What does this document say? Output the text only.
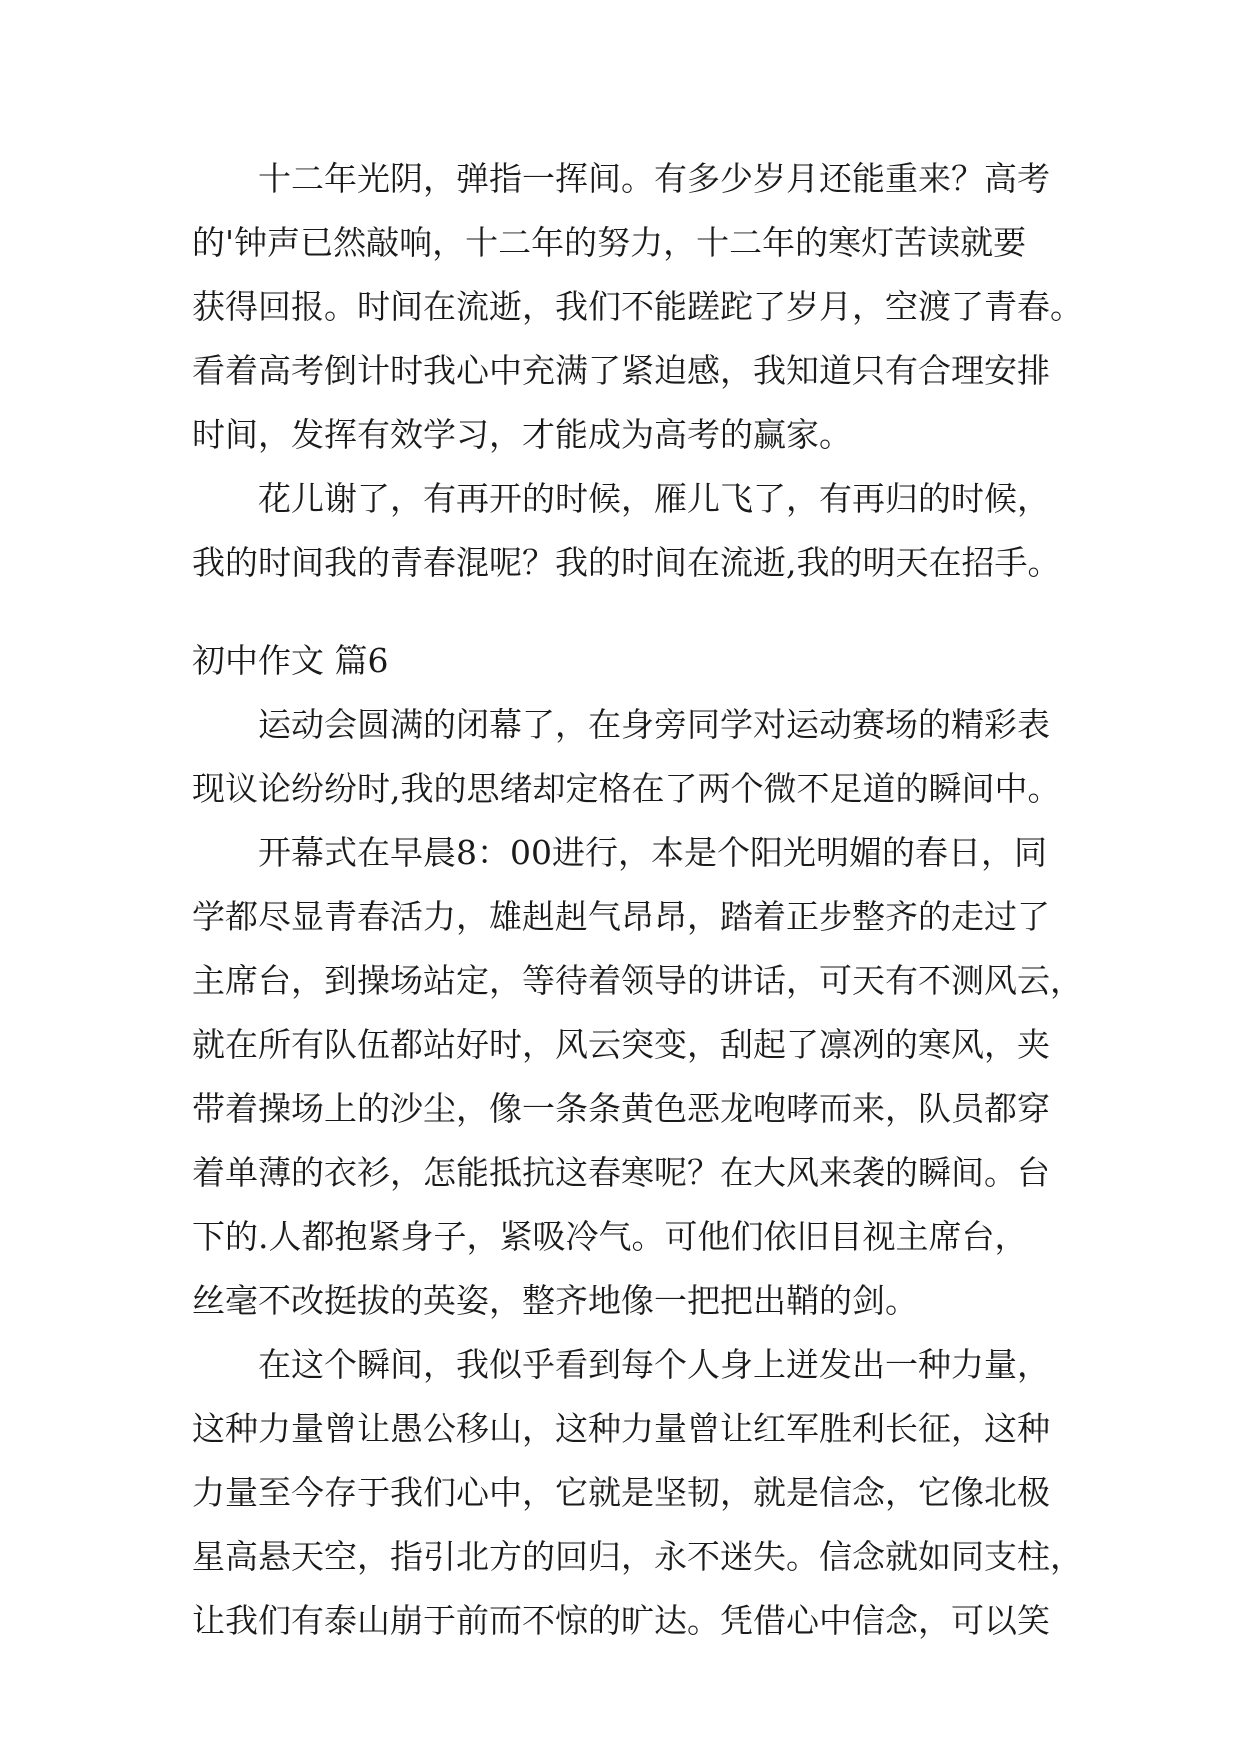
十二年光阴，弹指一挥间。有多少岁月还能重来？高考
的'钟声已然敲响，十二年的努力，十二年的寒灯苦读就要
获得回报。时间在流逝，我们不能蹉跎了岁月，空渡了青春。
看着高考倒计时我心中充满了紧迫感，我知道只有合理安排
时间，发挥有效学习，才能成为高考的赢家。
花儿谢了，有再开的时候，雁儿飞了，有再归的时候，
我的时间我的青春混呢？我的时间在流逝,我的明天在招手。
初中作文 篇6
运动会圆满的闭幕了，在身旁同学对运动赛场的精彩表
现议论纷纷时,我的思绪却定格在了两个微不足道的瞬间中。
开幕式在早晨8：00进行，本是个阳光明媚的春日，同
学都尽显青春活力，雄赳赳气昂昂，踏着正步整齐的走过了
主席台，到操场站定，等待着领导的讲话，可天有不测风云，
就在所有队伍都站好时，风云突变，刮起了凛冽的寒风，夹
带着操场上的沙尘，像一条条黄色恶龙咆哮而来，队员都穿
着单薄的衣衫，怎能抵抗这春寒呢？在大风来袭的瞬间。台
下的.人都抱紧身子，紧吸冷气。可他们依旧目视主席台，
丝毫不改挺拔的英姿，整齐地像一把把出鞘的剑。
在这个瞬间，我似乎看到每个人身上迸发出一种力量，
这种力量曾让愚公移山，这种力量曾让红军胜利长征，这种
力量至今存于我们心中，它就是坚韧，就是信念，它像北极
星高悬天空，指引北方的回归，永不迷失。信念就如同支柱，
让我们有泰山崩于前而不惊的旷达。凭借心中信念，可以笑
